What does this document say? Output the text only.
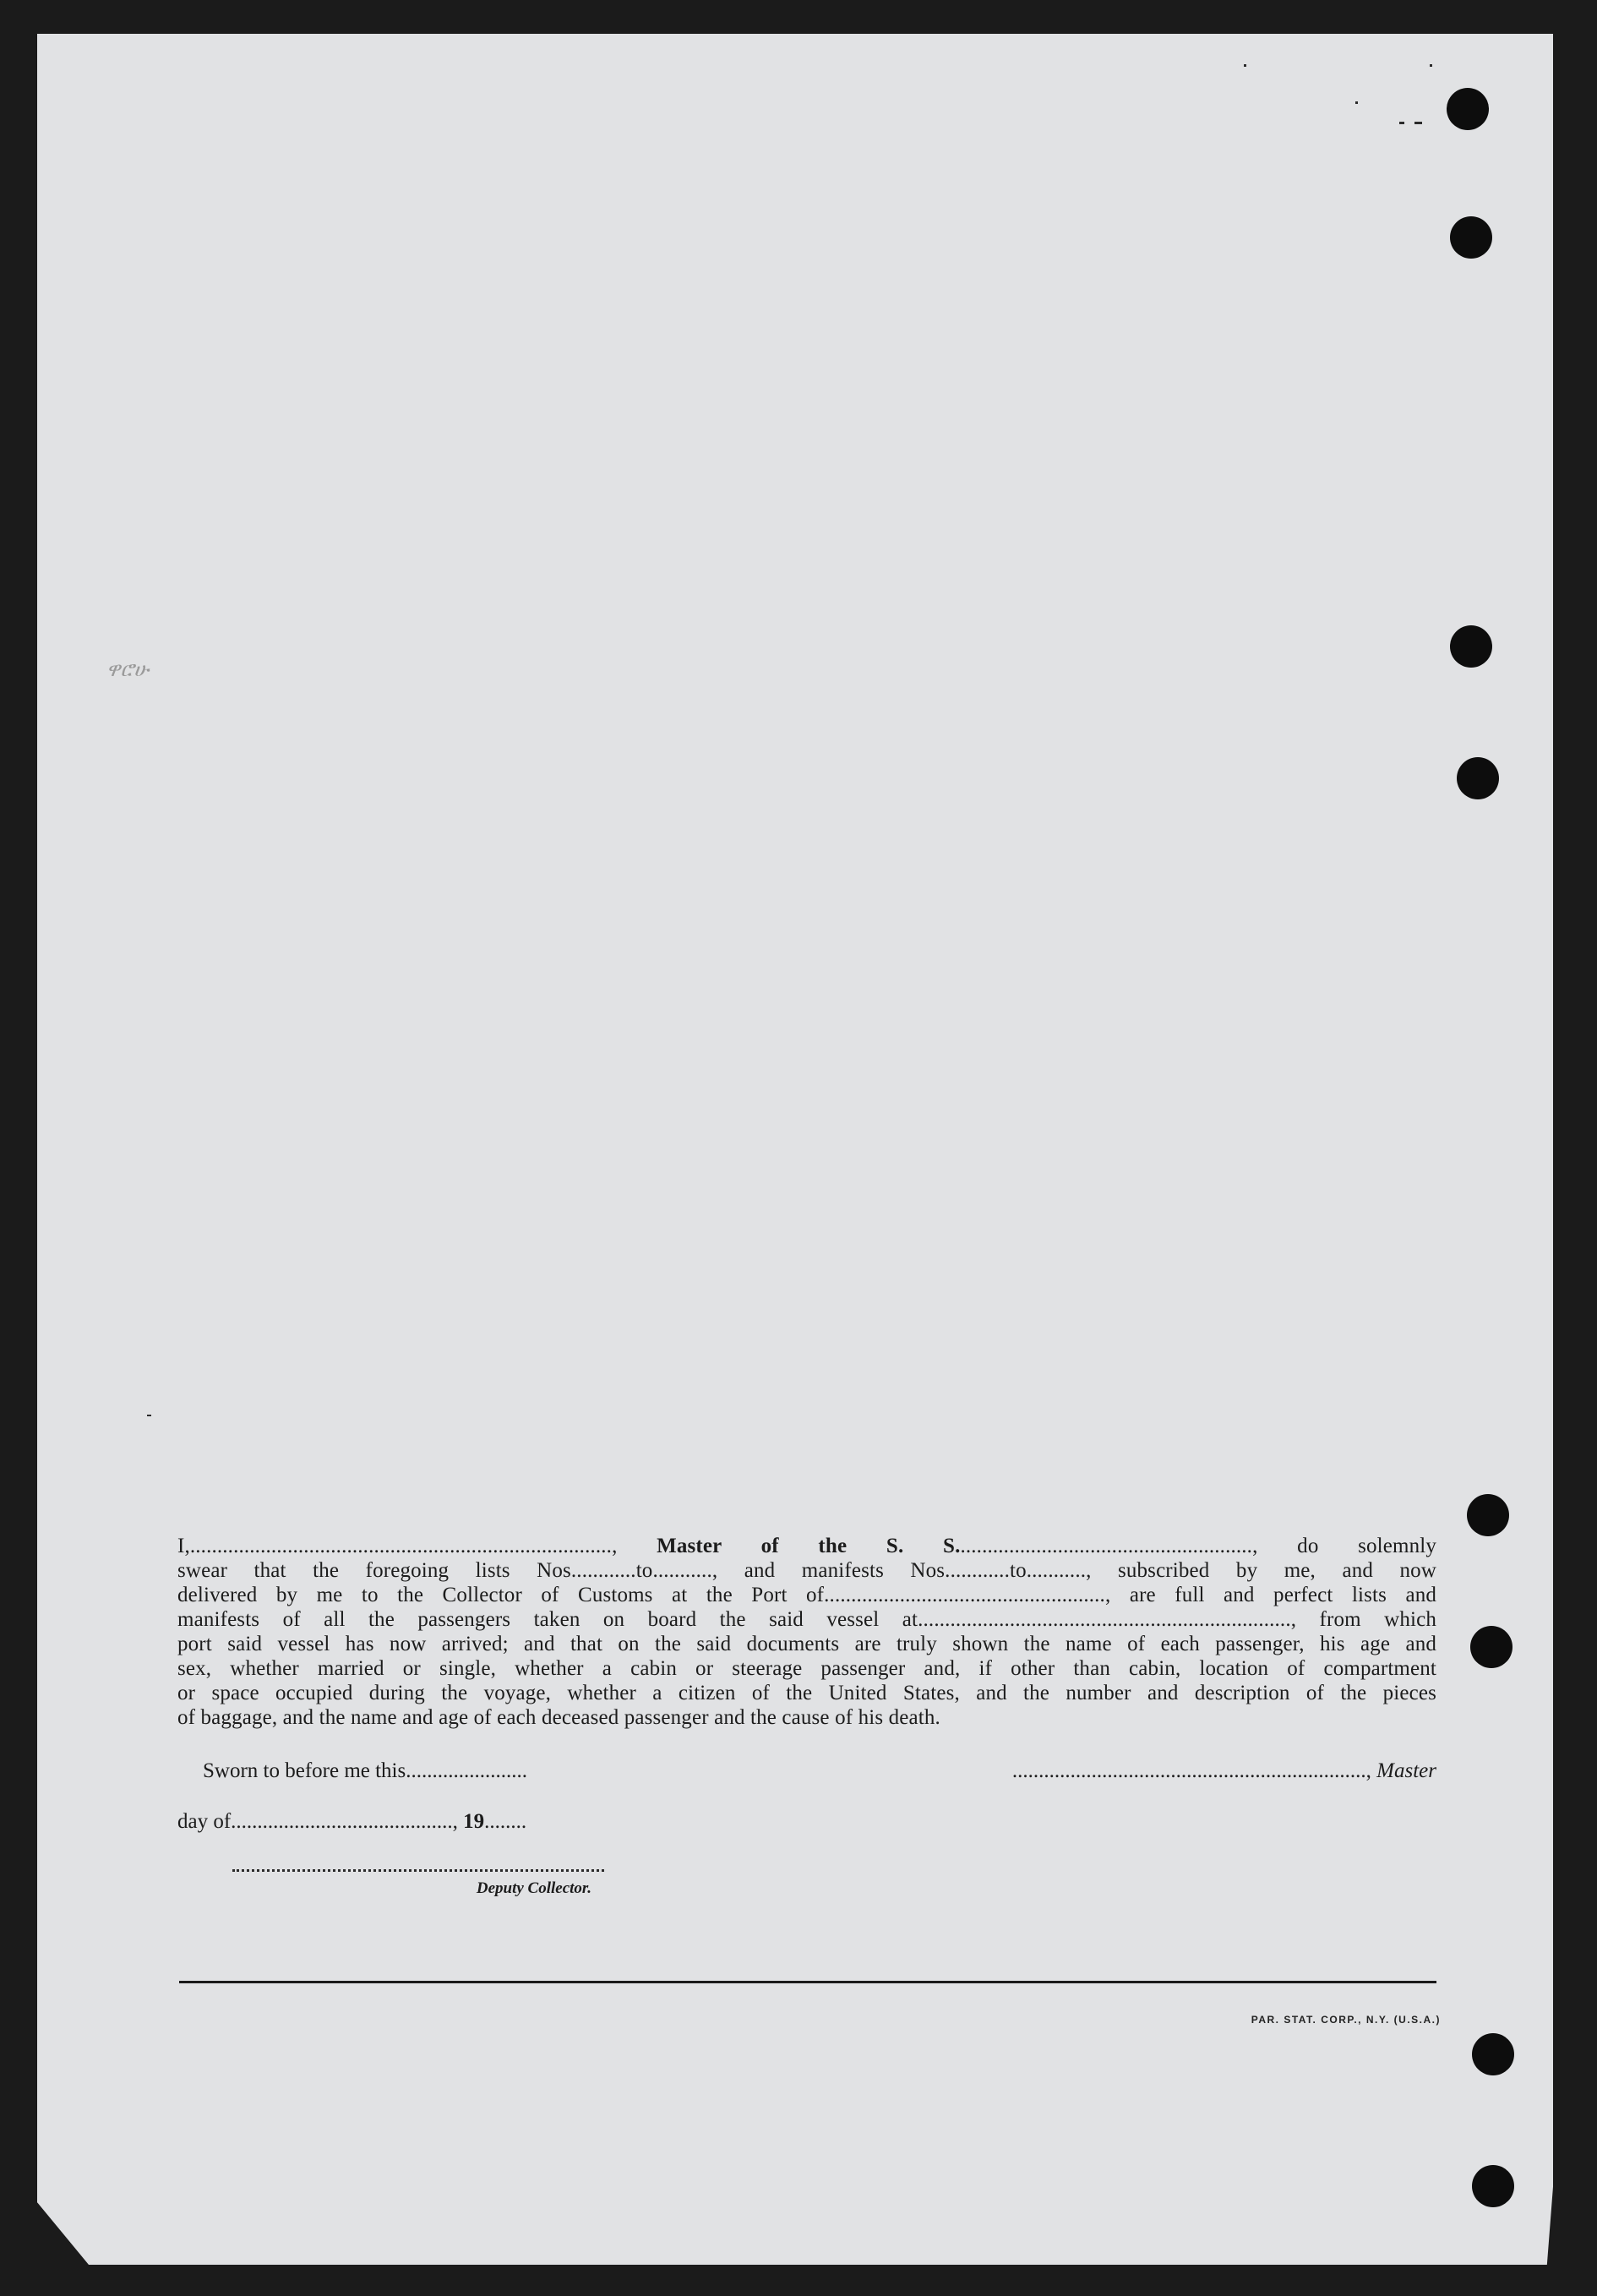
ዋሮሁ
I,.............................................................................., Master of the S. S......................................................., do solemnly
swear that the foregoing lists Nos............to..........., and manifests Nos............to..........., subscribed by me, and now
delivered by me to the Collector of Customs at the Port of...................................................., are full and perfect lists and
manifests of all the passengers taken on board the said vessel at....................................................................., from which
port said vessel has now arrived; and that on the said documents are truly shown the name of each passenger, his age and
sex, whether married or single, whether a cabin or steerage passenger and, if other than cabin, location of compartment
or space occupied during the voyage, whether a citizen of the United States, and the number and description of the pieces
of baggage, and the name and age of each deceased passenger and the cause of his death.
Sworn to before me this.......................	..................................................................., Master
day of.........................................., 19........
Deputy Collector.
PAR. STAT. CORP., N.Y. (U.S.A.)
